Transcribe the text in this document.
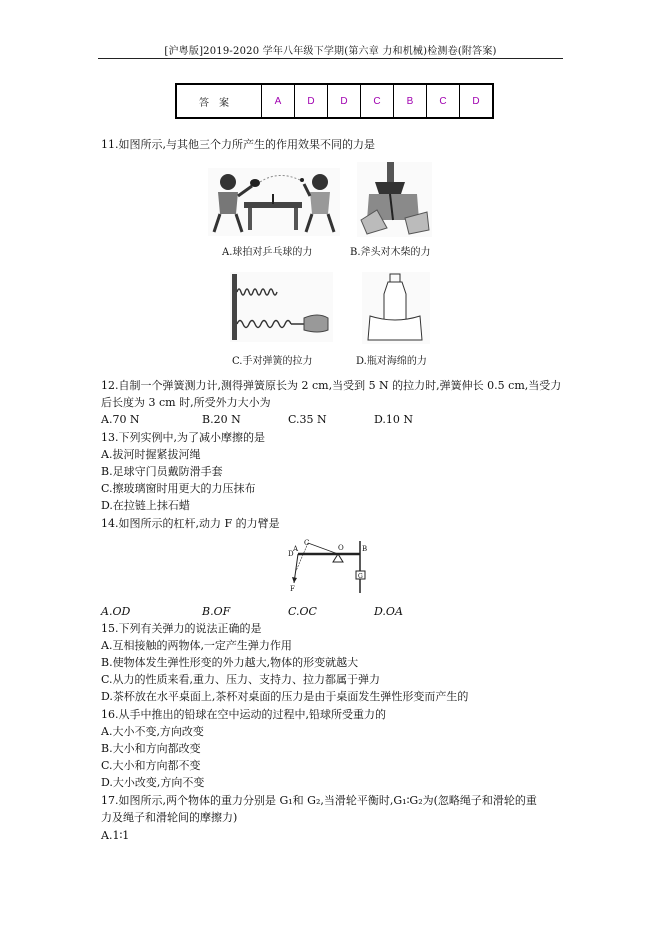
[沪粤版]2019-2020 学年八年级下学期(第六章 力和机械)检测卷(附答案)
答案	A	D	D	C	B	C	D
11.如图所示,与其他三个力所产生的作用效果不同的力是
A.球拍对乒乓球的力	B.斧头对木柴的力
C.手对弹簧的拉力	D.瓶对海绵的力
12.自制一个弹簧测力计,测得弹簧原长为 2 cm,当受到 5 N 的拉力时,弹簧伸长 0.5 cm,当受力
后长度为 3 cm 时,所受外力大小为
A.70 N	B.20 N	C.35 N	D.10 N
13.下列实例中,为了减小摩擦的是
A.拔河时握紧拔河绳
B.足球守门员戴防滑手套
C.擦玻璃窗时用更大的力压抹布
D.在拉链上抹石蜡
14.如图所示的杠杆,动力 F 的力臂是
C
D
A	O	B
F
G
A.OD	B.OF	C.OC	D.OA
15.下列有关弹力的说法正确的是
A.互相接触的两物体,一定产生弹力作用
B.使物体发生弹性形变的外力越大,物体的形变就越大
C.从力的性质来看,重力、压力、支持力、拉力都属于弹力
D.茶杯放在水平桌面上,茶杯对桌面的压力是由于桌面发生弹性形变而产生的
16.从手中推出的铅球在空中运动的过程中,铅球所受重力的
A.大小不变,方向改变
B.大小和方向都改变
C.大小和方向都不变
D.大小改变,方向不变
17.如图所示,两个物体的重力分别是 G₁和 G₂,当滑轮平衡时,G₁∶G₂为(忽略绳子和滑轮的重
力及绳子和滑轮间的摩擦力)
A.1∶1
